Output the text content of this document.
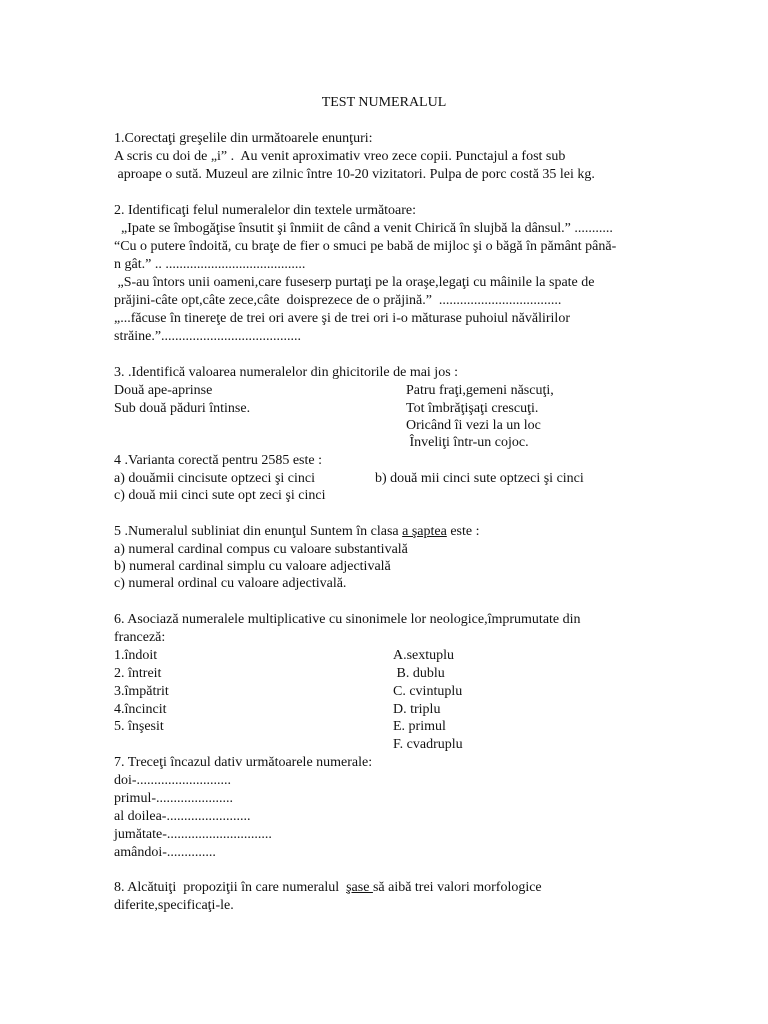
TEST NUMERALUL
1.Corectaţi greşelile din următoarele enunţuri:
A scris cu doi de „i” .  Au venit aproximativ vreo zece copii. Punctajul a fost sub
aproape o sută. Muzeul are zilnic între 10-20 vizitatori. Pulpa de porc costă 35 lei kg.
2. Identificaţi felul numeralelor din textele următoare:
„Ipate se îmbogăţise însutit şi înmiit de când a venit Chirică în slujbă la dânsul.” ...........
“Cu o putere îndoită, cu braţe de fier o smuci pe babă de mijloc şi o băgă în pământ până-
n gât.” .. ........................................
„S-au întors unii oameni,care fuseserp purtaţi pe la oraşe,legaţi cu mâinile la spate de
prăjini-câte opt,câte zece,câte  doisprezece de o prăjină.”  ...................................
„...făcuse în tinereţe de trei ori avere şi de trei ori i-o măturase puhoiul năvălirilor
străine.”........................................
3. .Identifică valoarea numeralelor din ghicitorile de mai jos :
Două ape-aprinse
Sub două păduri întinse.
Patru fraţi,gemeni născuţi,
Tot îmbrăţişaţi crescuţi.
Oricând îi vezi la un loc
Înveliţi într-un cojoc.
4 .Varianta corectă pentru 2585 este :
a) douămii cincisute optzeci şi cinci	b) două mii cinci sute optzeci şi cinci
c) două mii cinci sute opt zeci şi cinci
5 .Numeralul subliniat din enunţul Suntem în clasa a şaptea este :
a) numeral cardinal compus cu valoare substantivală
b) numeral cardinal simplu cu valoare adjectivală
c) numeral ordinal cu valoare adjectivală.
6. Asociază numeralele multiplicative cu sinonimele lor neologice,împrumutate din
franceză:
1.îndoit
2. întreit
3.împătrit
4.încincit
5. înşesit
A.sextuplu
B. dublu
C. cvintuplu
D. triplu
E. primul
F. cvadruplu
7. Treceţi încazul dativ următoarele numerale:
doi-...........................
primul-......................
al doilea-........................
jumătate-..............................
amândoi-..............
8. Alcătuiţi  propoziţii în care numeralul  şase să aibă trei valori morfologice
diferite,specificaţi-le.
